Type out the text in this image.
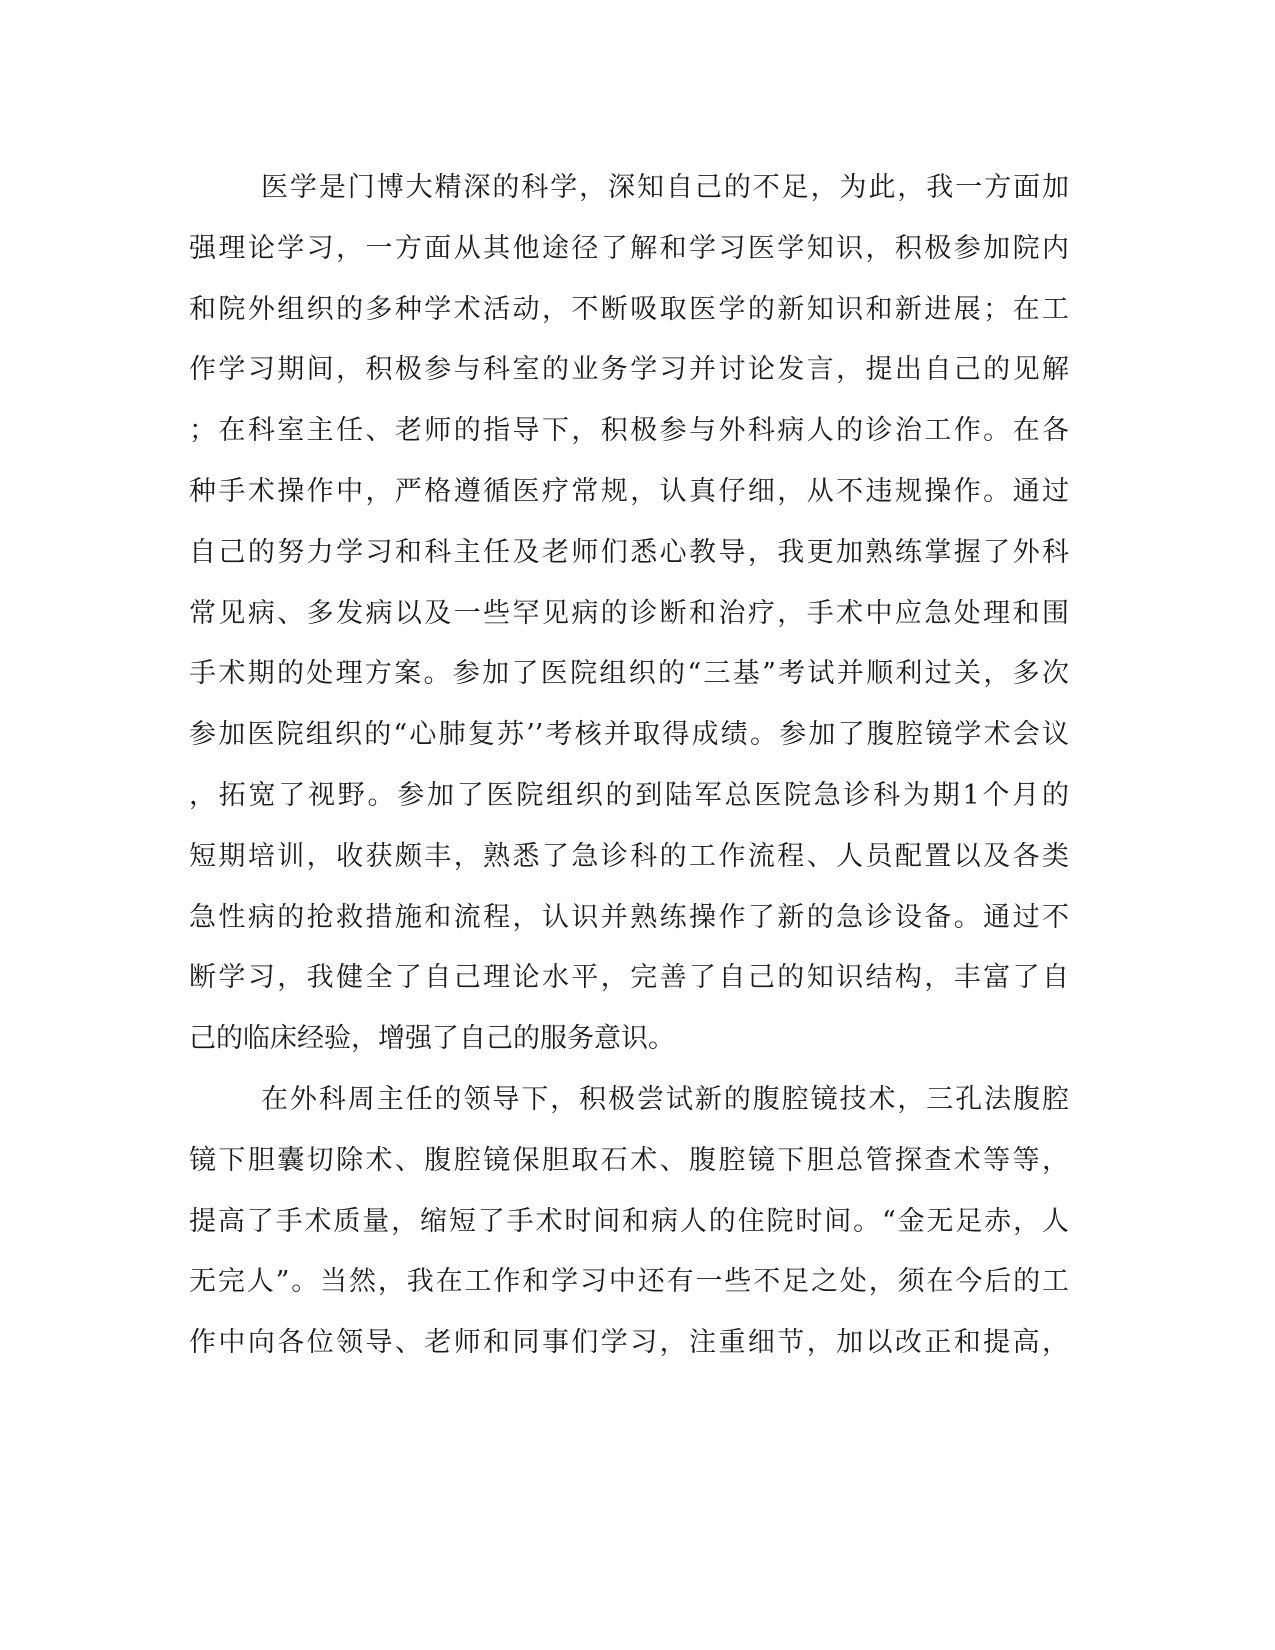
医学是门博大精深的科学，深知自己的不足，为此，我一方面加
强理论学习，一方面从其他途径了解和学习医学知识，积极参加院内
和院外组织的多种学术活动，不断吸取医学的新知识和新进展；在工
作学习期间，积极参与科室的业务学习并讨论发言，提出自己的见解
；在科室主任、老师的指导下，积极参与外科病人的诊治工作。在各
种手术操作中，严格遵循医疗常规，认真仔细，从不违规操作。通过
自己的努力学习和科主任及老师们悉心教导，我更加熟练掌握了外科
常见病、多发病以及一些罕见病的诊断和治疗，手术中应急处理和围
手术期的处理方案。参加了医院组织的“三基”考试并顺利过关，多次
参加医院组织的“心肺复苏’’考核并取得成绩。参加了腹腔镜学术会议
，拓宽了视野。参加了医院组织的到陆军总医院急诊科为期1个月的
短期培训，收获颇丰，熟悉了急诊科的工作流程、人员配置以及各类
急性病的抢救措施和流程，认识并熟练操作了新的急诊设备。通过不
断学习，我健全了自己理论水平，完善了自己的知识结构，丰富了自
己的临床经验，增强了自己的服务意识。
在外科周主任的领导下，积极尝试新的腹腔镜技术，三孔法腹腔
镜下胆囊切除术、腹腔镜保胆取石术、腹腔镜下胆总管探查术等等，
提高了手术质量，缩短了手术时间和病人的住院时间。“金无足赤，人
无完人”。当然，我在工作和学习中还有一些不足之处，须在今后的工
作中向各位领导、老师和同事们学习，注重细节，加以改正和提高，
